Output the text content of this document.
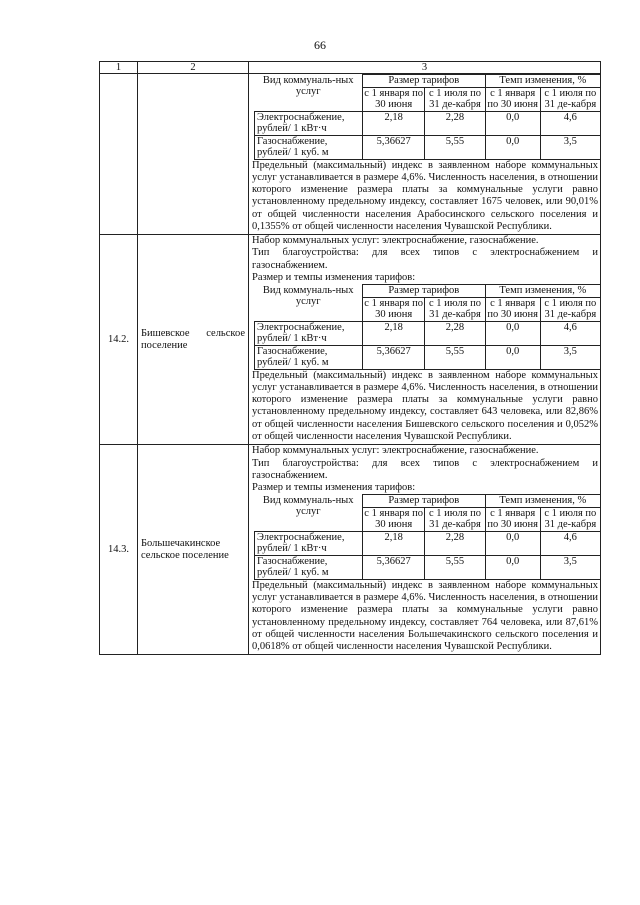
66
1	2	3

Вид коммуналь-ных услуг	Размер тарифов	Темп изменения, %
с 1 января по 30 июня	с 1 июля по 31 де-кабря	с 1 января по 30 июня	с 1 июля по 31 де-кабря
Электроснабжение, рублей/ 1 кВт·ч	2,18	2,28	0,0	4,6
Газоснабжение, рублей/ 1 куб. м	5,36627	5,55	0,0	3,5
Предельный (максимальный) индекс в заявленном наборе коммунальных услуг устанавливается в размере 4,6%. Численность населения, в отношении которого изменение размера платы за коммунальные услуги равно установленному предельному индексу, составляет 1675 человек, или 90,01% от общей численности населения Арабосинского сельского поселения и 0,1355% от общей численности населения Чувашской Республики.

14.2.	Бишевское сельское поселение	
Набор коммунальных услуг: электроснабжение, газоснабжение.
Тип благоустройства: для всех типов с электроснабжением и газоснабжением.
Размер и темпы изменения тарифов:
Вид коммуналь-ных услуг	Размер тарифов	Темп изменения, %
с 1 января по 30 июня	с 1 июля по 31 де-кабря	с 1 января по 30 июня	с 1 июля по 31 де-кабря
Электроснабжение, рублей/ 1 кВт·ч	2,18	2,28	0,0	4,6
Газоснабжение, рублей/ 1 куб. м	5,36627	5,55	0,0	3,5
Предельный (максимальный) индекс в заявленном наборе коммунальных услуг устанавливается в размере 4,6%. Численность населения, в отношении которого изменение размера платы за коммунальные услуги равно установленному предельному индексу, составляет 643 человека, или 82,86% от общей численности населения Бишевского сельского поселения и 0,052% от общей численности населения Чувашской Республики.

14.3.	Большечакинское сельское поселение	
Набор коммунальных услуг: электроснабжение, газоснабжение.
Тип благоустройства: для всех типов с электроснабжением и газоснабжением.
Размер и темпы изменения тарифов:
Вид коммуналь-ных услуг	Размер тарифов	Темп изменения, %
с 1 января по 30 июня	с 1 июля по 31 де-кабря	с 1 января по 30 июня	с 1 июля по 31 де-кабря
Электроснабжение, рублей/ 1 кВт·ч	2,18	2,28	0,0	4,6
Газоснабжение, рублей/ 1 куб. м	5,36627	5,55	0,0	3,5
Предельный (максимальный) индекс в заявленном наборе коммунальных услуг устанавливается в размере 4,6%. Численность населения, в отношении которого изменение размера платы за коммунальные услуги равно установленному предельному индексу, составляет 764 человека, или 87,61% от общей численности населения Большечакинского сельского поселения и 0,0618% от общей численности населения Чувашской Республики.
